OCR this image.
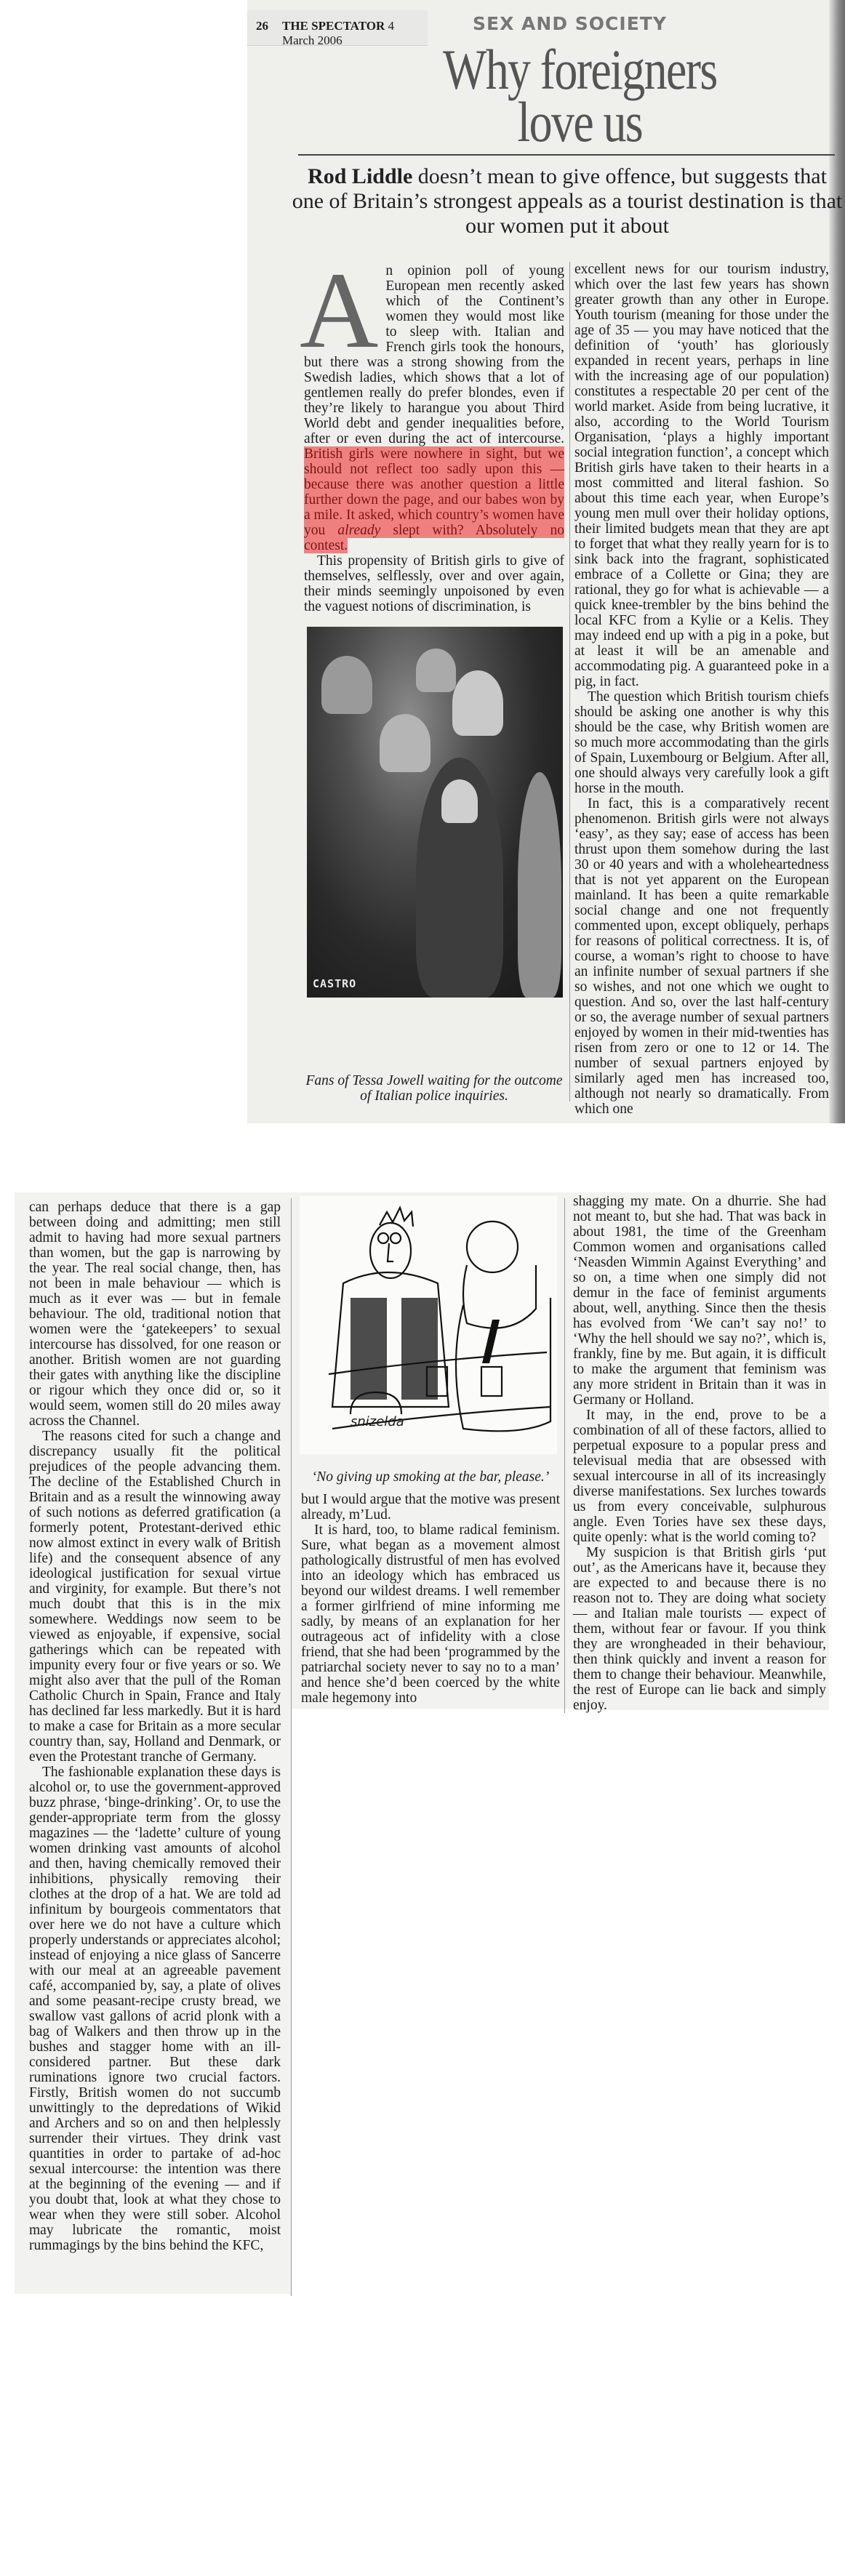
26 THE SPECTATOR 4 March 2006
SEX AND SOCIETY
Why foreigners
love us
Rod Liddle doesn’t mean to give offence, but suggests that one of Britain’s strongest appeals as a tourist destination is that our women put it about

An opinion poll of young European men recently asked which of the Continent’s women they would most like to sleep with. Italian and French girls took the honours, but there was a strong showing from the Swedish ladies, which shows that a lot of gentlemen really do prefer blondes, even if they’re likely to harangue you about Third World debt and gender inequalities before, after or even during the act of intercourse. British girls were nowhere in sight, but we should not reflect too sadly upon this — because there was another question a little further down the page, and our babes won by a mile. It asked, which country’s women have you already slept with? Absolutely no contest.

This propensity of British girls to give of themselves, selflessly, over and over again, their minds seemingly unpoisoned by even the vaguest notions of discrimination, is

CASTRO
Fans of Tessa Jowell waiting for the outcome of Italian police inquiries.

excellent news for our tourism industry, which over the last few years has shown greater growth than any other in Europe. Youth tourism (meaning for those under the age of 35 — you may have noticed that the definition of ‘youth’ has gloriously expanded in recent years, perhaps in line with the increasing age of our population) constitutes a respectable 20 per cent of the world market. Aside from being lucrative, it also, according to the World Tourism Organisation, ‘plays a highly important social integration function’, a concept which British girls have taken to their hearts in a most committed and literal fashion. So about this time each year, when Europe’s young men mull over their holiday options, their limited budgets mean that they are apt to forget that what they really yearn for is to sink back into the fragrant, sophisticated embrace of a Collette or Gina; they are rational, they go for what is achievable — a quick knee-trembler by the bins behind the local KFC from a Kylie or a Kelis. They may indeed end up with a pig in a poke, but at least it will be an amenable and accommodating pig. A guaranteed poke in a pig, in fact.

The question which British tourism chiefs should be asking one another is why this should be the case, why British women are so much more accommodating than the girls of Spain, Luxembourg or Belgium. After all, one should always very carefully look a gift horse in the mouth.

In fact, this is a comparatively recent phenomenon. British girls were not always ‘easy’, as they say; ease of access has been thrust upon them somehow during the last 30 or 40 years and with a wholeheartedness that is not yet apparent on the European mainland. It has been a quite remarkable social change and one not frequently commented upon, except obliquely, perhaps for reasons of political correctness. It is, of course, a woman’s right to choose to have an infinite number of sexual partners if she so wishes, and not one which we ought to question. And so, over the last half-century or so, the average number of sexual partners enjoyed by women in their mid-twenties has risen from zero or one to 12 or 14. The number of sexual partners enjoyed by similarly aged men has increased too, although not nearly so dramatically. From which one

can perhaps deduce that there is a gap between doing and admitting; men still admit to having had more sexual partners than women, but the gap is narrowing by the year. The real social change, then, has not been in male behaviour — which is much as it ever was — but in female behaviour. The old, traditional notion that women were the ‘gatekeepers’ to sexual intercourse has dissolved, for one reason or another. British women are not guarding their gates with anything like the discipline or rigour which they once did or, so it would seem, women still do 20 miles away across the Channel.

The reasons cited for such a change and discrepancy usually fit the political prejudices of the people advancing them. The decline of the Established Church in Britain and as a result the winnowing away of such notions as deferred gratification (a formerly potent, Protestant-derived ethic now almost extinct in every walk of British life) and the consequent absence of any ideological justification for sexual virtue and virginity, for example. But there’s not much doubt that this is in the mix somewhere. Weddings now seem to be viewed as enjoyable, if expensive, social gatherings which can be repeated with impunity every four or five years or so. We might also aver that the pull of the Roman Catholic Church in Spain, France and Italy has declined far less markedly. But it is hard to make a case for Britain as a more secular country than, say, Holland and Denmark, or even the Protestant tranche of Germany.

The fashionable explanation these days is alcohol or, to use the government-approved buzz phrase, ‘binge-drinking’. Or, to use the gender-appropriate term from the glossy magazines — the ‘ladette’ culture of young women drinking vast amounts of alcohol and then, having chemically removed their inhibitions, physically removing their clothes at the drop of a hat. We are told ad infinitum by bourgeois commentators that over here we do not have a culture which properly understands or appreciates alcohol; instead of enjoying a nice glass of Sancerre with our meal at an agreeable pavement café, accompanied by, say, a plate of olives and some peasant-recipe crusty bread, we swallow vast gallons of acrid plonk with a bag of Walkers and then throw up in the bushes and stagger home with an ill-considered partner. But these dark ruminations ignore two crucial factors. Firstly, British women do not succumb unwittingly to the depredations of Wikid and Archers and so on and then helplessly surrender their virtues. They drink vast quantities in order to partake of ad-hoc sexual intercourse: the intention was there at the beginning of the evening — and if you doubt that, look at what they chose to wear when they were still sober. Alcohol may lubricate the romantic, moist rummagings by the bins behind the KFC,

snizelda
‘No giving up smoking at the bar, please.’

but I would argue that the motive was present already, m’Lud.

It is hard, too, to blame radical feminism. Sure, what began as a movement almost pathologically distrustful of men has evolved into an ideology which has embraced us beyond our wildest dreams. I well remember a former girlfriend of mine informing me sadly, by means of an explanation for her outrageous act of infidelity with a close friend, that she had been ‘programmed by the patriarchal society never to say no to a man’ and hence she’d been coerced by the white male hegemony into

shagging my mate. On a dhurrie. She had not meant to, but she had. That was back in about 1981, the time of the Greenham Common women and organisations called ‘Neasden Wimmin Against Everything’ and so on, a time when one simply did not demur in the face of feminist arguments about, well, anything. Since then the thesis has evolved from ‘We can’t say no!’ to ‘Why the hell should we say no?’, which is, frankly, fine by me. But again, it is difficult to make the argument that feminism was any more strident in Britain than it was in Germany or Holland.

It may, in the end, prove to be a combination of all of these factors, allied to perpetual exposure to a popular press and televisual media that are obsessed with sexual intercourse in all of its increasingly diverse manifestations. Sex lurches towards us from every conceivable, sulphurous angle. Even Tories have sex these days, quite openly: what is the world coming to?

My suspicion is that British girls ‘put out’, as the Americans have it, because they are expected to and because there is no reason not to. They are doing what society — and Italian male tourists — expect of them, without fear or favour. If you think they are wrongheaded in their behaviour, then think quickly and invent a reason for them to change their behaviour. Meanwhile, the rest of Europe can lie back and simply enjoy.
